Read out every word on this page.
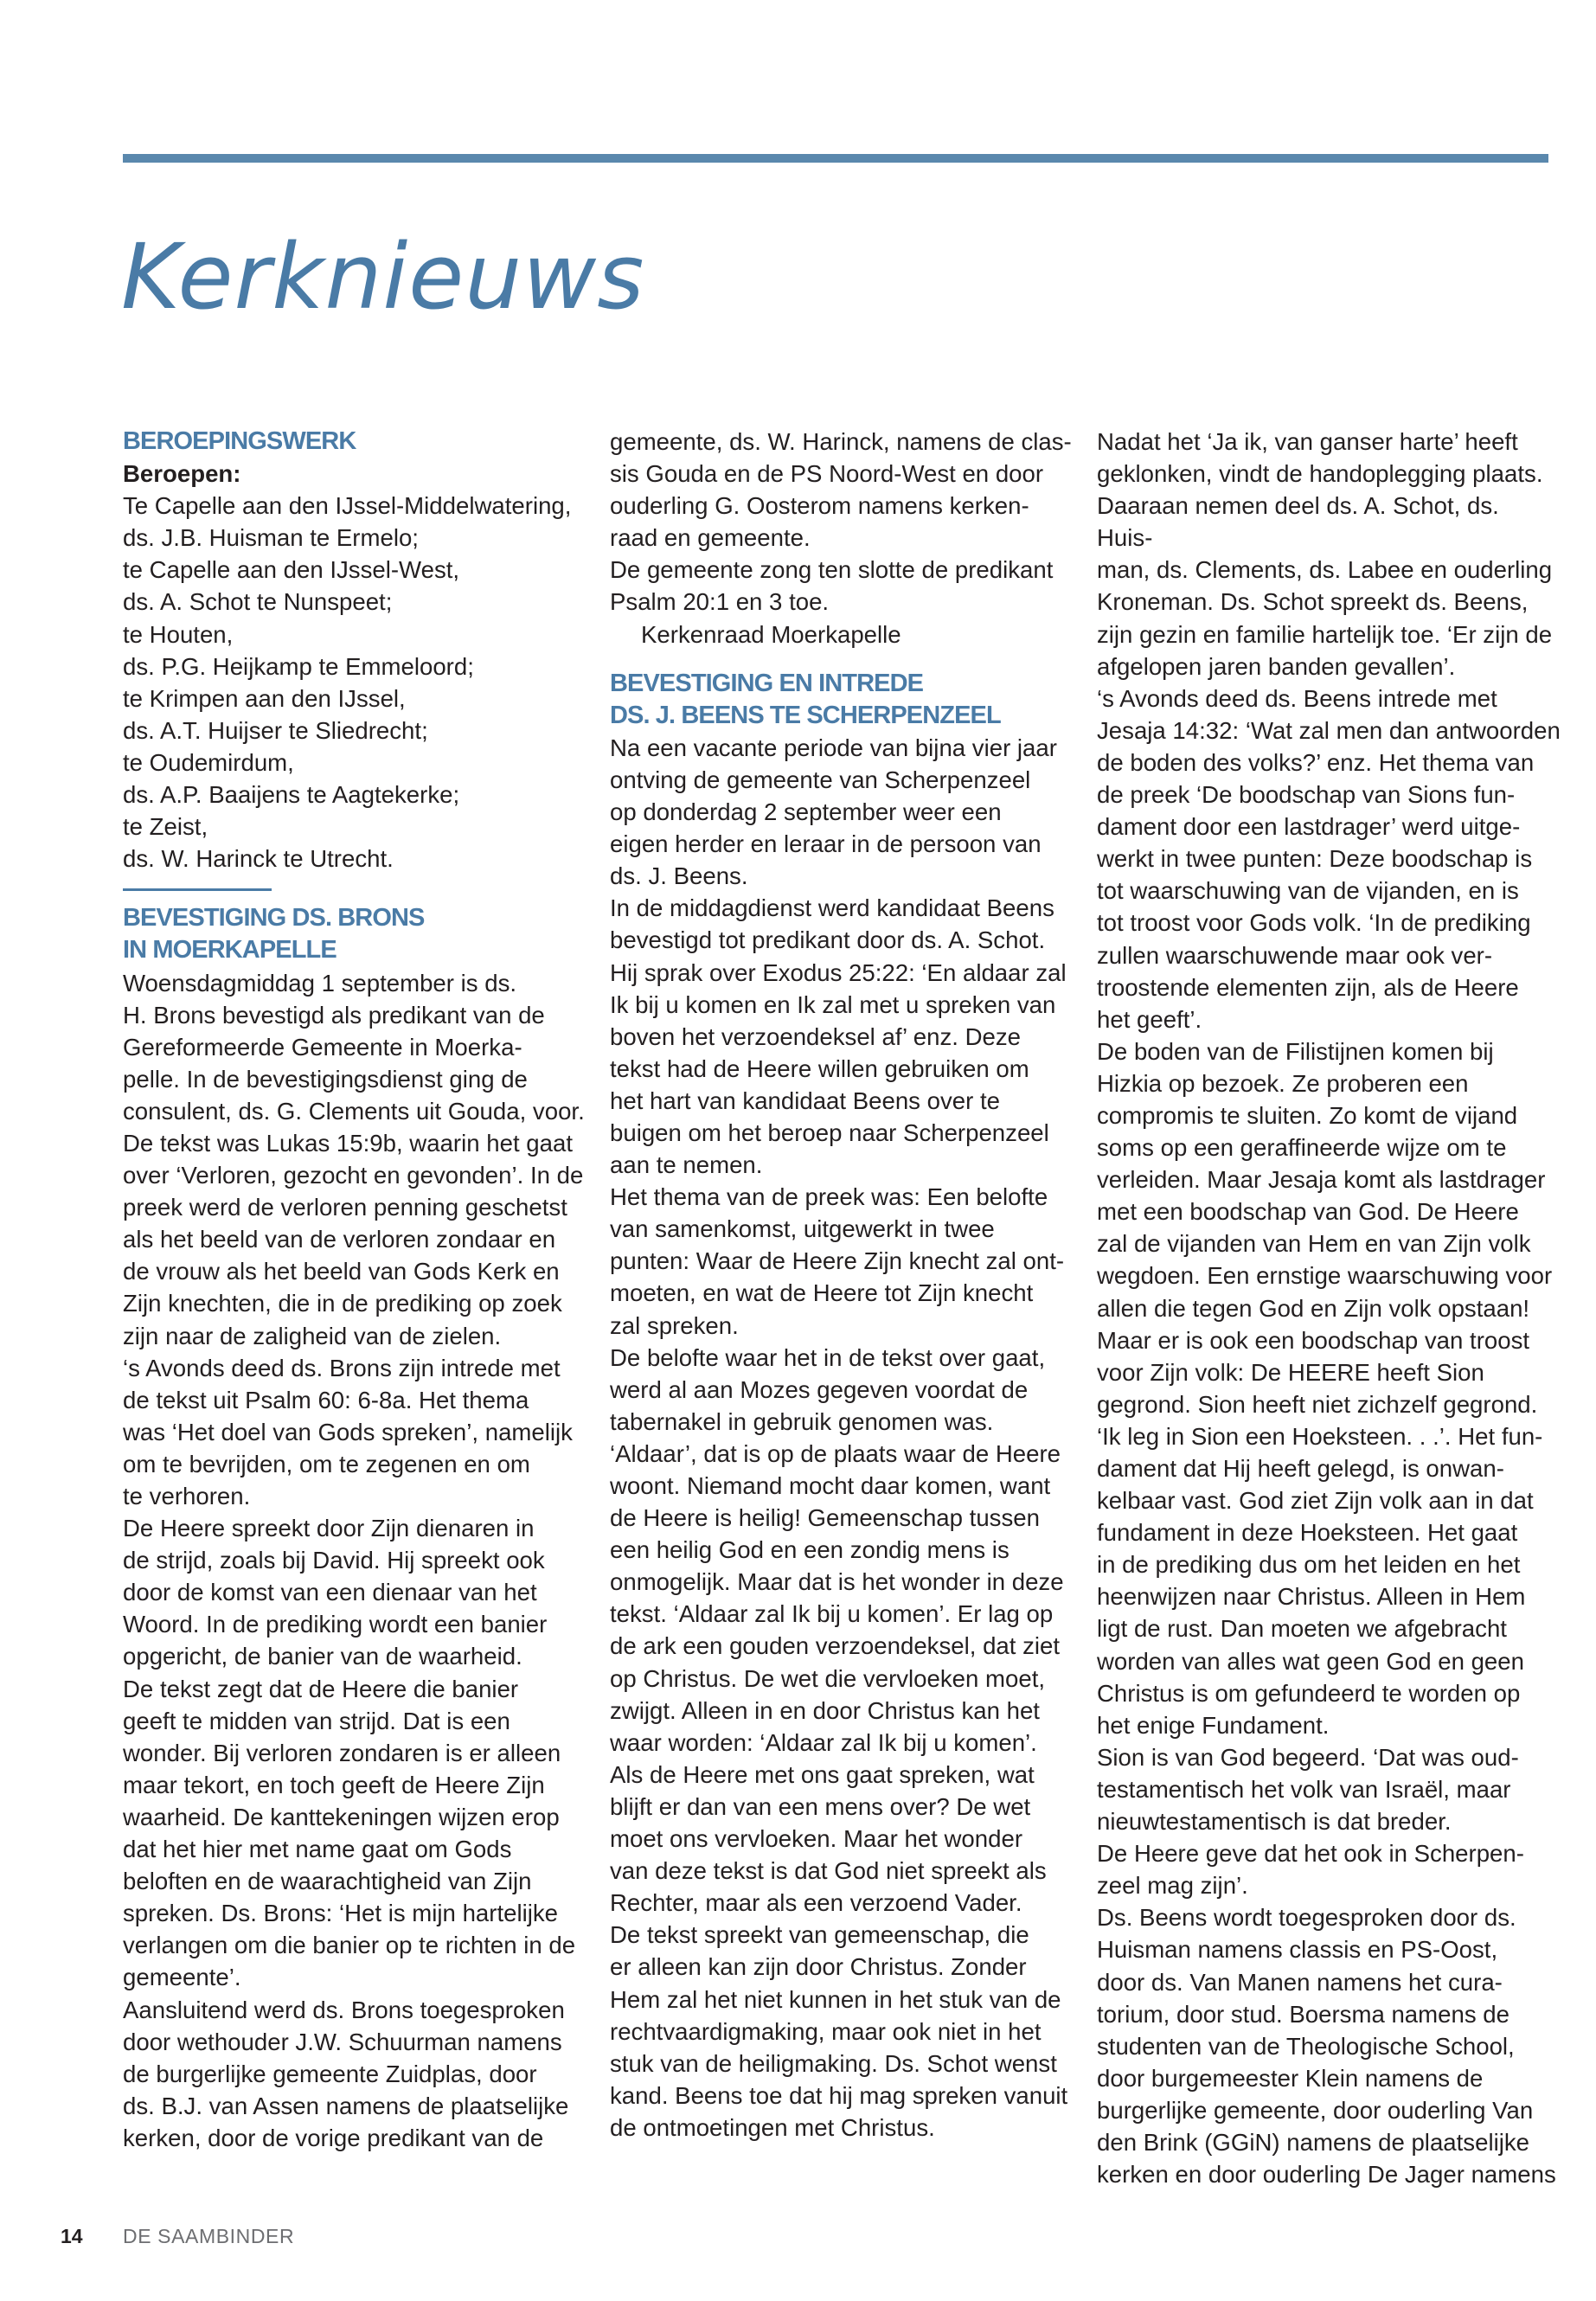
Kerknieuws

BEROEPINGSWERK

Beroepen:

Te Capelle aan den IJssel-Middelwatering,

ds. J.B. Huisman te Ermelo;

te Capelle aan den IJssel-West,

ds. A. Schot te Nunspeet;

te Houten,

ds. P.G. Heijkamp te Emmeloord;

te Krimpen aan den IJssel,

ds. A.T. Huijser te Sliedrecht;

te Oudemirdum,

ds. A.P. Baaijens te Aagtekerke;

te Zeist,

ds. W. Harinck te Utrecht.

BEVESTIGING DS. BRONS

IN MOERKAPELLE

Woensdagmiddag 1 september is ds.

H. Brons bevestigd als predikant van de

Gereformeerde Gemeente in Moerka-

pelle. In de bevestigingsdienst ging de

consulent, ds. G. Clements uit Gouda, voor.

De tekst was Lukas 15:9b, waarin het gaat

over ‘Verloren, gezocht en gevonden’. In de

preek werd de verloren penning geschetst

als het beeld van de verloren zondaar en

de vrouw als het beeld van Gods Kerk en

Zijn knechten, die in de prediking op zoek

zijn naar de zaligheid van de zielen.

‘s Avonds deed ds. Brons zijn intrede met

de tekst uit Psalm 60: 6-8a. Het thema

was ‘Het doel van Gods spreken’, namelijk

om te bevrijden, om te zegenen en om

te verhoren.

De Heere spreekt door Zijn dienaren in

de strijd, zoals bij David. Hij spreekt ook

door de komst van een dienaar van het

Woord. In de prediking wordt een banier

opgericht, de banier van de waarheid.

De tekst zegt dat de Heere die banier

geeft te midden van strijd. Dat is een

wonder. Bij verloren zondaren is er alleen

maar tekort, en toch geeft de Heere Zijn

waarheid. De kanttekeningen wijzen erop

dat het hier met name gaat om Gods

beloften en de waarachtigheid van Zijn

spreken. Ds. Brons: ‘Het is mijn hartelijke

verlangen om die banier op te richten in de

gemeente’.

Aansluitend werd ds. Brons toegesproken

door wethouder J.W. Schuurman namens

de burgerlijke gemeente Zuidplas, door

ds. B.J. van Assen namens de plaatselijke

kerken, door de vorige predikant van de

gemeente, ds. W. Harinck, namens de clas-

sis Gouda en de PS Noord-West en door

ouderling G. Oosterom namens kerken-

raad en gemeente.

De gemeente zong ten slotte de predikant

Psalm 20:1 en 3 toe.

Kerkenraad Moerkapelle

BEVESTIGING EN INTREDE

DS. J. BEENS TE SCHERPENZEEL

Na een vacante periode van bijna vier jaar

ontving de gemeente van Scherpenzeel

op donderdag 2 september weer een

eigen herder en leraar in de persoon van

ds. J. Beens.

In de middagdienst werd kandidaat Beens

bevestigd tot predikant door ds. A. Schot.

Hij sprak over Exodus 25:22: ‘En aldaar zal

Ik bij u komen en Ik zal met u spreken van

boven het verzoendeksel af’ enz. Deze

tekst had de Heere willen gebruiken om

het hart van kandidaat Beens over te

buigen om het beroep naar Scherpenzeel

aan te nemen.

Het thema van de preek was: Een belofte

van samenkomst, uitgewerkt in twee

punten: Waar de Heere Zijn knecht zal ont-

moeten, en wat de Heere tot Zijn knecht

zal spreken.

De belofte waar het in de tekst over gaat,

werd al aan Mozes gegeven voordat de

tabernakel in gebruik genomen was.

‘Aldaar’, dat is op de plaats waar de Heere

woont. Niemand mocht daar komen, want

de Heere is heilig! Gemeenschap tussen

een heilig God en een zondig mens is

onmogelijk. Maar dat is het wonder in deze

tekst. ‘Aldaar zal Ik bij u komen’. Er lag op

de ark een gouden verzoendeksel, dat ziet

op Christus. De wet die vervloeken moet,

zwijgt. Alleen in en door Christus kan het

waar worden: ‘Aldaar zal Ik bij u komen’.

Als de Heere met ons gaat spreken, wat

blijft er dan van een mens over? De wet

moet ons vervloeken. Maar het wonder

van deze tekst is dat God niet spreekt als

Rechter, maar als een verzoend Vader.

De tekst spreekt van gemeenschap, die

er alleen kan zijn door Christus. Zonder

Hem zal het niet kunnen in het stuk van de

rechtvaardigmaking, maar ook niet in het

stuk van de heiligmaking. Ds. Schot wenst

kand. Beens toe dat hij mag spreken vanuit

de ontmoetingen met Christus.

Nadat het ‘Ja ik, van ganser harte’ heeft

geklonken, vindt de handoplegging plaats.

Daaraan nemen deel ds. A. Schot, ds. Huis-

man, ds. Clements, ds. Labee en ouderling

Kroneman. Ds. Schot spreekt ds. Beens,

zijn gezin en familie hartelijk toe. ‘Er zijn de

afgelopen jaren banden gevallen’.

‘s Avonds deed ds. Beens intrede met

Jesaja 14:32: ‘Wat zal men dan antwoorden

de boden des volks?’ enz. Het thema van

de preek ‘De boodschap van Sions fun-

dament door een lastdrager’ werd uitge-

werkt in twee punten: Deze boodschap is

tot waarschuwing van de vijanden, en is

tot troost voor Gods volk. ‘In de prediking

zullen waarschuwende maar ook ver-

troostende elementen zijn, als de Heere

het geeft’.

De boden van de Filistijnen komen bij

Hizkia op bezoek. Ze proberen een

compromis te sluiten. Zo komt de vijand

soms op een geraffineerde wijze om te

verleiden. Maar Jesaja komt als lastdrager

met een boodschap van God. De Heere

zal de vijanden van Hem en van Zijn volk

wegdoen. Een ernstige waarschuwing voor

allen die tegen God en Zijn volk opstaan!

Maar er is ook een boodschap van troost

voor Zijn volk: De HEERE heeft Sion

gegrond. Sion heeft niet zichzelf gegrond.

‘Ik leg in Sion een Hoeksteen. . .’. Het fun-

dament dat Hij heeft gelegd, is onwan-

kelbaar vast. God ziet Zijn volk aan in dat

fundament in deze Hoeksteen. Het gaat

in de prediking dus om het leiden en het

heenwijzen naar Christus. Alleen in Hem

ligt de rust. Dan moeten we afgebracht

worden van alles wat geen God en geen

Christus is om gefundeerd te worden op

het enige Fundament.

Sion is van God begeerd. ‘Dat was oud-

testamentisch het volk van Israël, maar

nieuwtestamentisch is dat breder.

De Heere geve dat het ook in Scherpen-

zeel mag zijn’.

Ds. Beens wordt toegesproken door ds.

Huisman namens classis en PS-Oost,

door ds. Van Manen namens het cura-

torium, door stud. Boersma namens de

studenten van de Theologische School,

door burgemeester Klein namens de

burgerlijke gemeente, door ouderling Van

den Brink (GGiN) namens de plaatselijke

kerken en door ouderling De Jager namens

14 DE SAAMBINDER
